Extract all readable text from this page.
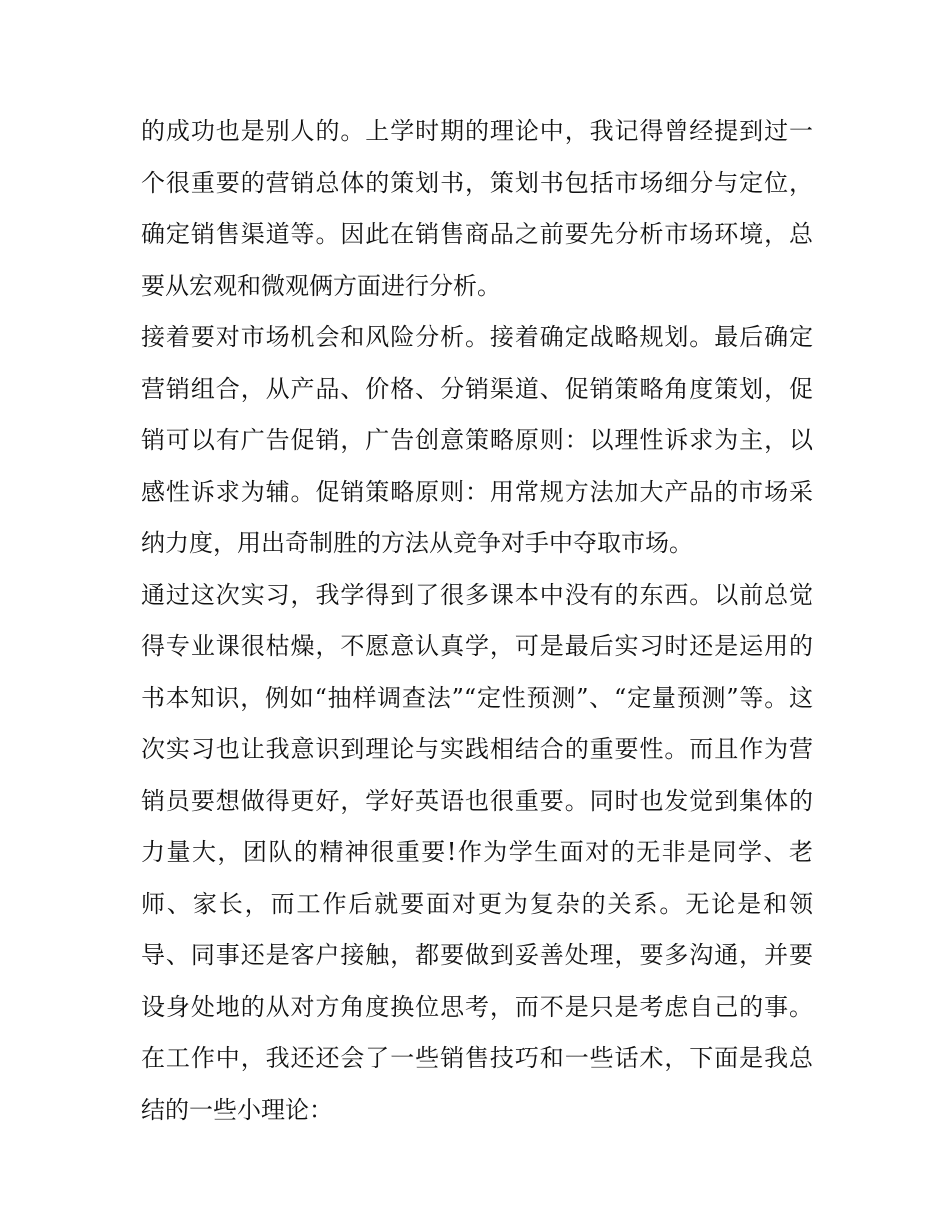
的成功也是别人的。上学时期的理论中，我记得曾经提到过一
个很重要的营销总体的策划书，策划书包括市场细分与定位，
确定销售渠道等。因此在销售商品之前要先分析市场环境，总
要从宏观和微观俩方面进行分析。
接着要对市场机会和风险分析。接着确定战略规划。最后确定
营销组合，从产品、价格、分销渠道、促销策略角度策划，促
销可以有广告促销，广告创意策略原则：以理性诉求为主，以
感性诉求为辅。促销策略原则：用常规方法加大产品的市场采
纳力度，用出奇制胜的方法从竞争对手中夺取市场。
通过这次实习，我学得到了很多课本中没有的东西。以前总觉
得专业课很枯燥，不愿意认真学，可是最后实习时还是运用的
书本知识，例如“抽样调查法”“定性预测”、“定量预测”等。这
次实习也让我意识到理论与实践相结合的重要性。而且作为营
销员要想做得更好，学好英语也很重要。同时也发觉到集体的
力量大，团队的精神很重要!作为学生面对的无非是同学、老
师、家长，而工作后就要面对更为复杂的关系。无论是和领
导、同事还是客户接触，都要做到妥善处理，要多沟通，并要
设身处地的从对方角度换位思考，而不是只是考虑自己的事。
在工作中，我还还会了一些销售技巧和一些话术，下面是我总
结的一些小理论：
